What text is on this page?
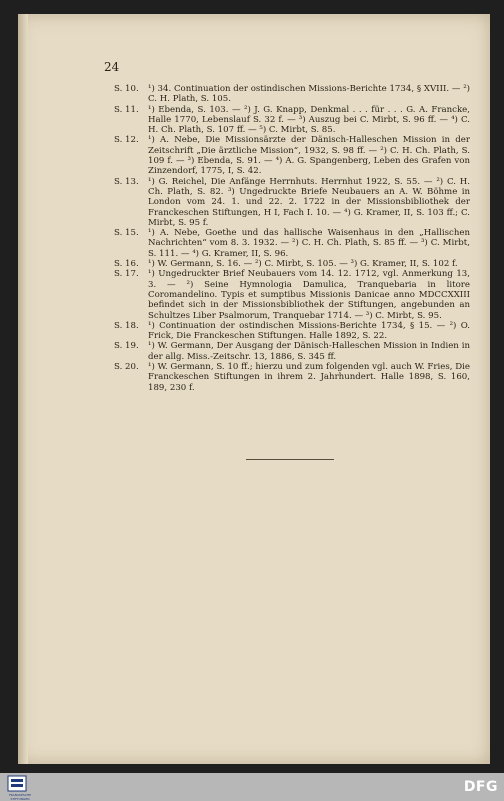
24
S. 10.	¹) 34. Continuation der ostindischen Missions-Berichte 1734, § XVIII. — ²) C. H. Plath, S. 105.
S. 11.	¹) Ebenda, S. 103. — ²) J. G. Knapp, Denkmal . . . für . . . G. A. Francke, Halle 1770, Lebenslauf S. 32 f. — ³) Auszug bei C. Mirbt, S. 96 ff. — ⁴) C. H. Ch. Plath, S. 107 ff. — ⁵) C. Mirbt, S. 85.
S. 12.	¹) A. Nebe, Die Missionsärzte der Dänisch-Halleschen Mission in der Zeitschrift „Die ärztliche Mission“, 1932, S. 98 ff. — ²) C. H. Ch. Plath, S. 109 f. — ³) Ebenda, S. 91. — ⁴) A. G. Spangenberg, Leben des Grafen von Zinzendorf, 1775, I, S. 42.
S. 13.	¹) G. Reichel, Die Anfänge Herrnhuts. Herrnhut 1922, S. 55. — ²) C. H. Ch. Plath, S. 82. ³) Ungedruckte Briefe Neubauers an A. W. Böhme in London vom 24. 1. und 22. 2. 1722 in der Missionsbibliothek der Franckeschen Stiftungen, H I, Fach I. 10. — ⁴) G. Kramer, II, S. 103 ff.; C. Mirbt, S. 95 f.
S. 15.	¹) A. Nebe, Goethe und das hallische Waisenhaus in den „Hallischen Nachrichten“ vom 8. 3. 1932. — ²) C. H. Ch. Plath, S. 85 ff. — ³) C. Mirbt, S. 111. — ⁴) G. Kramer, II, S. 96.
S. 16.	¹) W. Germann, S. 16. — ²) C. Mirbt, S. 105. — ³) G. Kramer, II, S. 102 f.
S. 17.	¹) Ungedruckter Brief Neubauers vom 14. 12. 1712, vgl. Anmerkung 13, 3. — ²) Seine Hymnologia Damulica, Tranquebaria in litore Coromandelino. Typis et sumptibus Missionis Danicae anno MDCCXXIII befindet sich in der Missionsbibliothek der Stiftungen, angebunden an Schultzes Liber Psalmorum, Tranquebar 1714. — ³) C. Mirbt, S. 95.
S. 18.	¹) Continuation der ostindischen Missions-Berichte 1734, § 15. — ²) O. Frick, Die Franckeschen Stiftungen. Halle 1892, S. 22.
S. 19.	¹) W. Germann, Der Ausgang der Dänisch-Halleschen Mission in Indien in der allg. Miss.-Zeitschr. 13, 1886, S. 345 ff.
S. 20.	¹) W. Germann, S. 10 ff.; hierzu und zum folgenden vgl. auch W. Fries, Die Franckeschen Stiftungen in ihrem 2. Jahrhundert. Halle 1898, S. 160, 189, 230 f.
FRANCKESCHE STIFTUNGEN
DFG
